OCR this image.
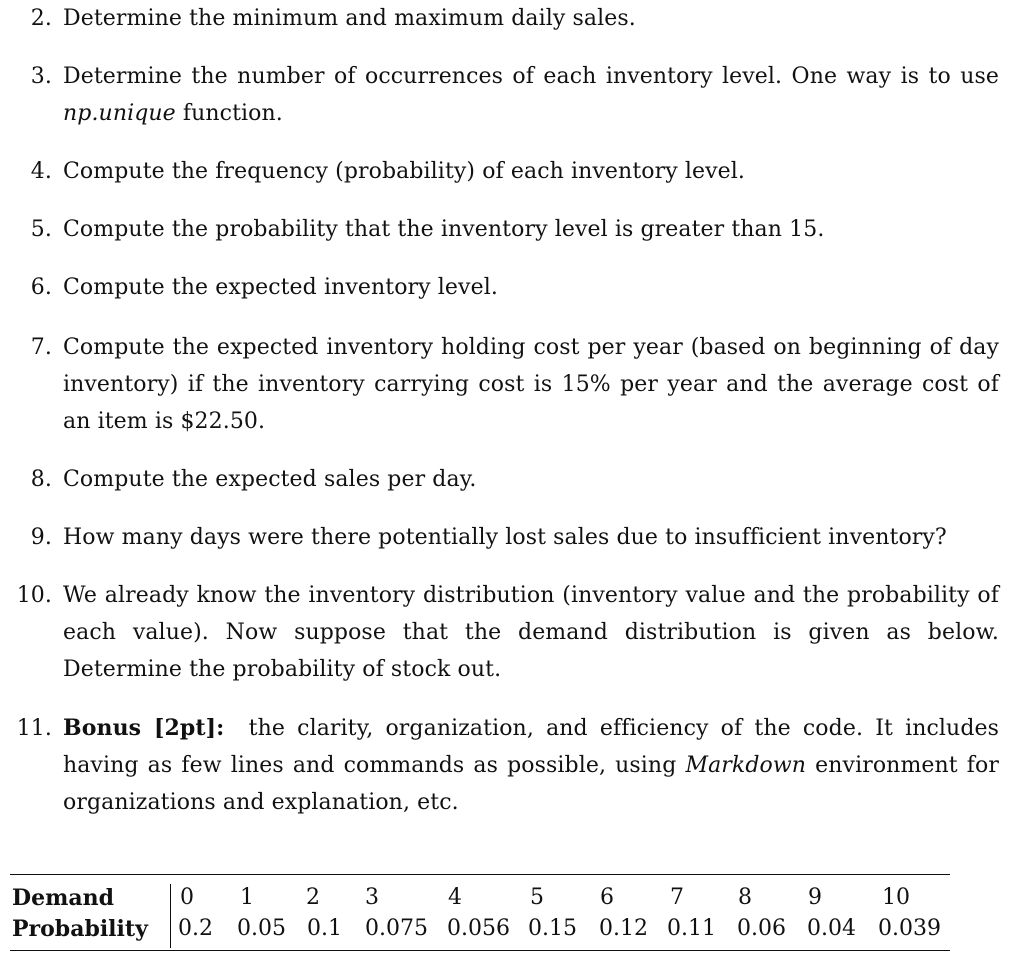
2. Determine the minimum and maximum daily sales.
3. Determine the number of occurrences of each inventory level. One way is to use np.unique function.
4. Compute the frequency (probability) of each inventory level.
5. Compute the probability that the inventory level is greater than 15.
6. Compute the expected inventory level.
7. Compute the expected inventory holding cost per year (based on beginning of day inventory) if the inventory carrying cost is 15% per year and the average cost of an item is $22.50.
8. Compute the expected sales per day.
9. How many days were there potentially lost sales due to insufficient inventory?
10. We already know the inventory distribution (inventory value and the probability of each value). Now suppose that the demand distribution is given as below. Determine the probability of stock out.
11. Bonus [2pt]: the clarity, organization, and efficiency of the code. It includes having as few lines and commands as possible, using Markdown environment for organizations and explanation, etc.
Demand	0 1 2 3	4	5	6	7 8	9	10
Probability 0.2 0.05 0.1 0.075 0.056 0.15 0.12 0.11 0.06 0.04 0.039
